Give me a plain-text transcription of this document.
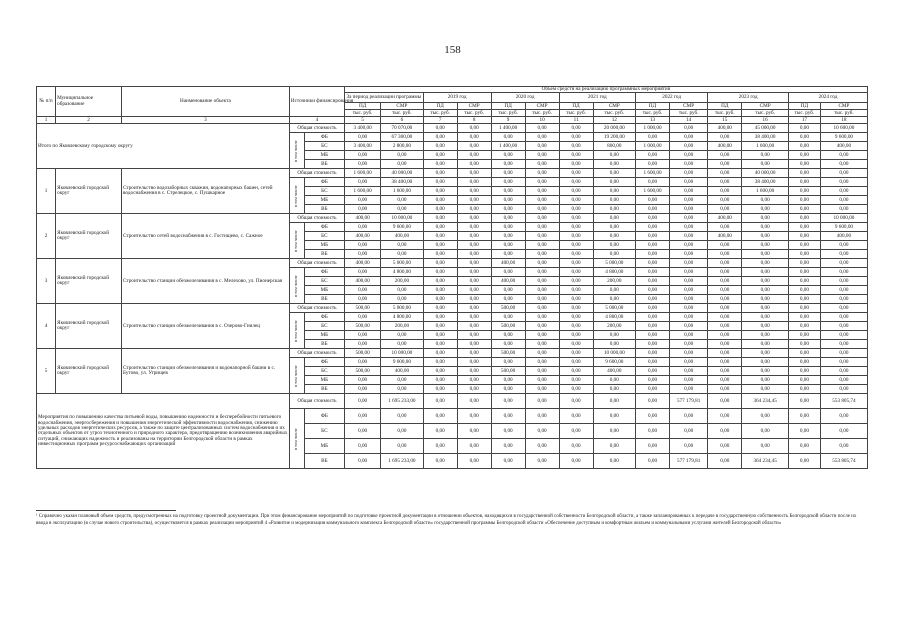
158
№ п/п	Муниципальное образование	Наименование объекта	Источники финансирования		Объем средств на реализацию программных мероприятий													
					За период реализации программы		2019 год		2020 год		2021 год		2022 год		2023 год		2024 год	
					ПД	СМР	ПД	СМР	ПД	СМР	ПД	СМР	ПД	СМР	ПД	СМР	ПД	СМР
					тыс. руб.	тыс. руб.	тыс. руб.	тыс. руб.	тыс. руб.	тыс. руб.	тыс. руб.	тыс. руб.	тыс. руб.	тыс. руб.	тыс. руб.	тыс. руб.	тыс. руб.	тыс. руб.
1	2	3	4		5	6	7	8	9	10	11	12	13	14	15	16	17	18
Итого по Яковлевскому городскому округу			Общая стоимость		3 400,00	70 070,00	0,00	0,00	1 400,00	0,00	0,00	20 000,00	1 000,00	0,00	400,00	45 000,00	0,00	10 600,00
			в том числе	ФБ	0,00	67 300,00	0,00	0,00	0,00	0,00	0,00	19 200,00	0,00	0,00	0,00	38 400,00	0,00	9 600,00
				БС	3 400,00	2 800,00	0,00	0,00	1 400,00	0,00	0,00	800,00	1 000,00	0,00	400,00	1 600,00	0,00	400,00
				МБ	0,00	0,00	0,00	0,00	0,00	0,00	0,00	0,00	0,00	0,00	0,00	0,00	0,00	0,00
				ВБ	0,00	0,00	0,00	0,00	0,00	0,00	0,00	0,00	0,00	0,00	0,00	0,00	0,00	0,00
1	Яковлевский городской округ	Строительство водозаборных скважин, водонапорных башен, сетей водоснабжения в с. Стрелецкое, с. Пушкарное	Общая стоимость		1 600,00	40 000,00	0,00	0,00	0,00	0,00	0,00	0,00	1 600,00	0,00	0,00	40 000,00	0,00	0,00
			в том числе	ФБ	0,00	38 400,00	0,00	0,00	0,00	0,00	0,00	0,00	0,00	0,00	0,00	38 400,00	0,00	0,00
				БС	1 600,00	1 600,00	0,00	0,00	0,00	0,00	0,00	0,00	1 600,00	0,00	0,00	1 600,00	0,00	0,00
				МБ	0,00	0,00	0,00	0,00	0,00	0,00	0,00	0,00	0,00	0,00	0,00	0,00	0,00	0,00
				ВБ	0,00	0,00	0,00	0,00	0,00	0,00	0,00	0,00	0,00	0,00	0,00	0,00	0,00	0,00
2	Яковлевский городской округ	Строительство сетей водоснабжения в с. Гостищево, с. Сажное	Общая стоимость		400,00	10 000,00	0,00	0,00	0,00	0,00	0,00	0,00	0,00	0,00	400,00	0,00	0,00	10 000,00
			в том числе	ФБ	0,00	9 600,00	0,00	0,00	0,00	0,00	0,00	0,00	0,00	0,00	0,00	0,00	0,00	9 600,00
				БС	400,00	400,00	0,00	0,00	0,00	0,00	0,00	0,00	0,00	0,00	400,00	0,00	0,00	400,00
				МБ	0,00	0,00	0,00	0,00	0,00	0,00	0,00	0,00	0,00	0,00	0,00	0,00	0,00	0,00
				ВБ	0,00	0,00	0,00	0,00	0,00	0,00	0,00	0,00	0,00	0,00	0,00	0,00	0,00	0,00
3	Яковлевский городской округ	Строительство станции обезжелезивания в с. Мелехово, ул. Пионерская	Общая стоимость		400,00	5 000,00	0,00	0,00	400,00	0,00	0,00	5 000,00	0,00	0,00	0,00	0,00	0,00	0,00
			в том числе	ФБ	0,00	4 800,00	0,00	0,00	0,00	0,00	0,00	4 800,00	0,00	0,00	0,00	0,00	0,00	0,00
				БС	400,00	200,00	0,00	0,00	400,00	0,00	0,00	200,00	0,00	0,00	0,00	0,00	0,00	0,00
				МБ	0,00	0,00	0,00	0,00	0,00	0,00	0,00	0,00	0,00	0,00	0,00	0,00	0,00	0,00
				ВБ	0,00	0,00	0,00	0,00	0,00	0,00	0,00	0,00	0,00	0,00	0,00	0,00	0,00	0,00
4	Яковлевский городской округ	Строительство станции обезжелезивания в с. Озерово-Гнилец	Общая стоимость		500,00	5 000,00	0,00	0,00	500,00	0,00	0,00	5 000,00	0,00	0,00	0,00	0,00	0,00	0,00
			в том числе	ФБ	0,00	4 800,00	0,00	0,00	0,00	0,00	0,00	4 800,00	0,00	0,00	0,00	0,00	0,00	0,00
				БС	500,00	200,00	0,00	0,00	500,00	0,00	0,00	200,00	0,00	0,00	0,00	0,00	0,00	0,00
				МБ	0,00	0,00	0,00	0,00	0,00	0,00	0,00	0,00	0,00	0,00	0,00	0,00	0,00	0,00
				ВБ	0,00	0,00	0,00	0,00	0,00	0,00	0,00	0,00	0,00	0,00	0,00	0,00	0,00	0,00
5	Яковлевский городской округ	Строительство станции обезжелезивания и водонапорной башни в с. Бутово, ул. Угрищев	Общая стоимость		500,00	10 000,00	0,00	0,00	500,00	0,00	0,00	10 000,00	0,00	0,00	0,00	0,00	0,00	0,00
			в том числе	ФБ	0,00	9 600,00	0,00	0,00	0,00	0,00	0,00	9 600,00	0,00	0,00	0,00	0,00	0,00	0,00
				БС	500,00	400,00	0,00	0,00	500,00	0,00	0,00	400,00	0,00	0,00	0,00	0,00	0,00	0,00
				МБ	0,00	0,00	0,00	0,00	0,00	0,00	0,00	0,00	0,00	0,00	0,00	0,00	0,00	0,00
				ВБ	0,00	0,00	0,00	0,00	0,00	0,00	0,00	0,00	0,00	0,00	0,00	0,00	0,00	0,00
Мероприятия по повышению качества питьевой воды, повышению надежности и бесперебойности питьевого водоснабжения, энергосбережения и повышения энергетической эффективности водоснабжения, снижению удельных расходов энергетических ресурсов, а также по защите централизованных систем водоснабжения и их отдельных объектов от угроз техногенного и природного характера, предотвращению возникновения аварийных ситуаций, снижающих надежность и реализованы на территории Белгородской области в рамках инвестиционных программ ресурсоснабжающих организаций			Общая стоимость		0,00	1 695 233,00	0,00	0,00	0,00	0,00	0,00	0,00	0,00	577 179,81	0,00	364 234,45	0,00	553 805,74
			в том числе	ФБ	0,00	0,00	0,00	0,00	0,00	0,00	0,00	0,00	0,00	0,00	0,00	0,00	0,00	0,00
				БС	0,00	0,00	0,00	0,00	0,00	0,00	0,00	0,00	0,00	0,00	0,00	0,00	0,00	0,00
				МБ	0,00	0,00	0,00	0,00	0,00	0,00	0,00	0,00	0,00	0,00	0,00	0,00	0,00	0,00
				ВБ	0,00	1 695 233,00	0,00	0,00	0,00	0,00	0,00	0,00	0,00	577 179,81	0,00	364 234,45	0,00	553 805,74
¹ Справочно указан плановый объем средств, предусмотренных на подготовку проектной документации. При этом финансирование мероприятий по подготовке проектной документации в отношении объектов, находящихся в государственной собственности Белгородской области, а также запланированных к передаче в государственную собственность Белгородской области после их ввода в эксплуатацию (в случае нового строительства), осуществляется в рамках реализации мероприятий 4 «Развитие и модернизация коммунального комплекса Белгородской области» государственной программы Белгородской области «Обеспечение доступным и комфортным жильем и коммунальными услугами жителей Белгородской области»
